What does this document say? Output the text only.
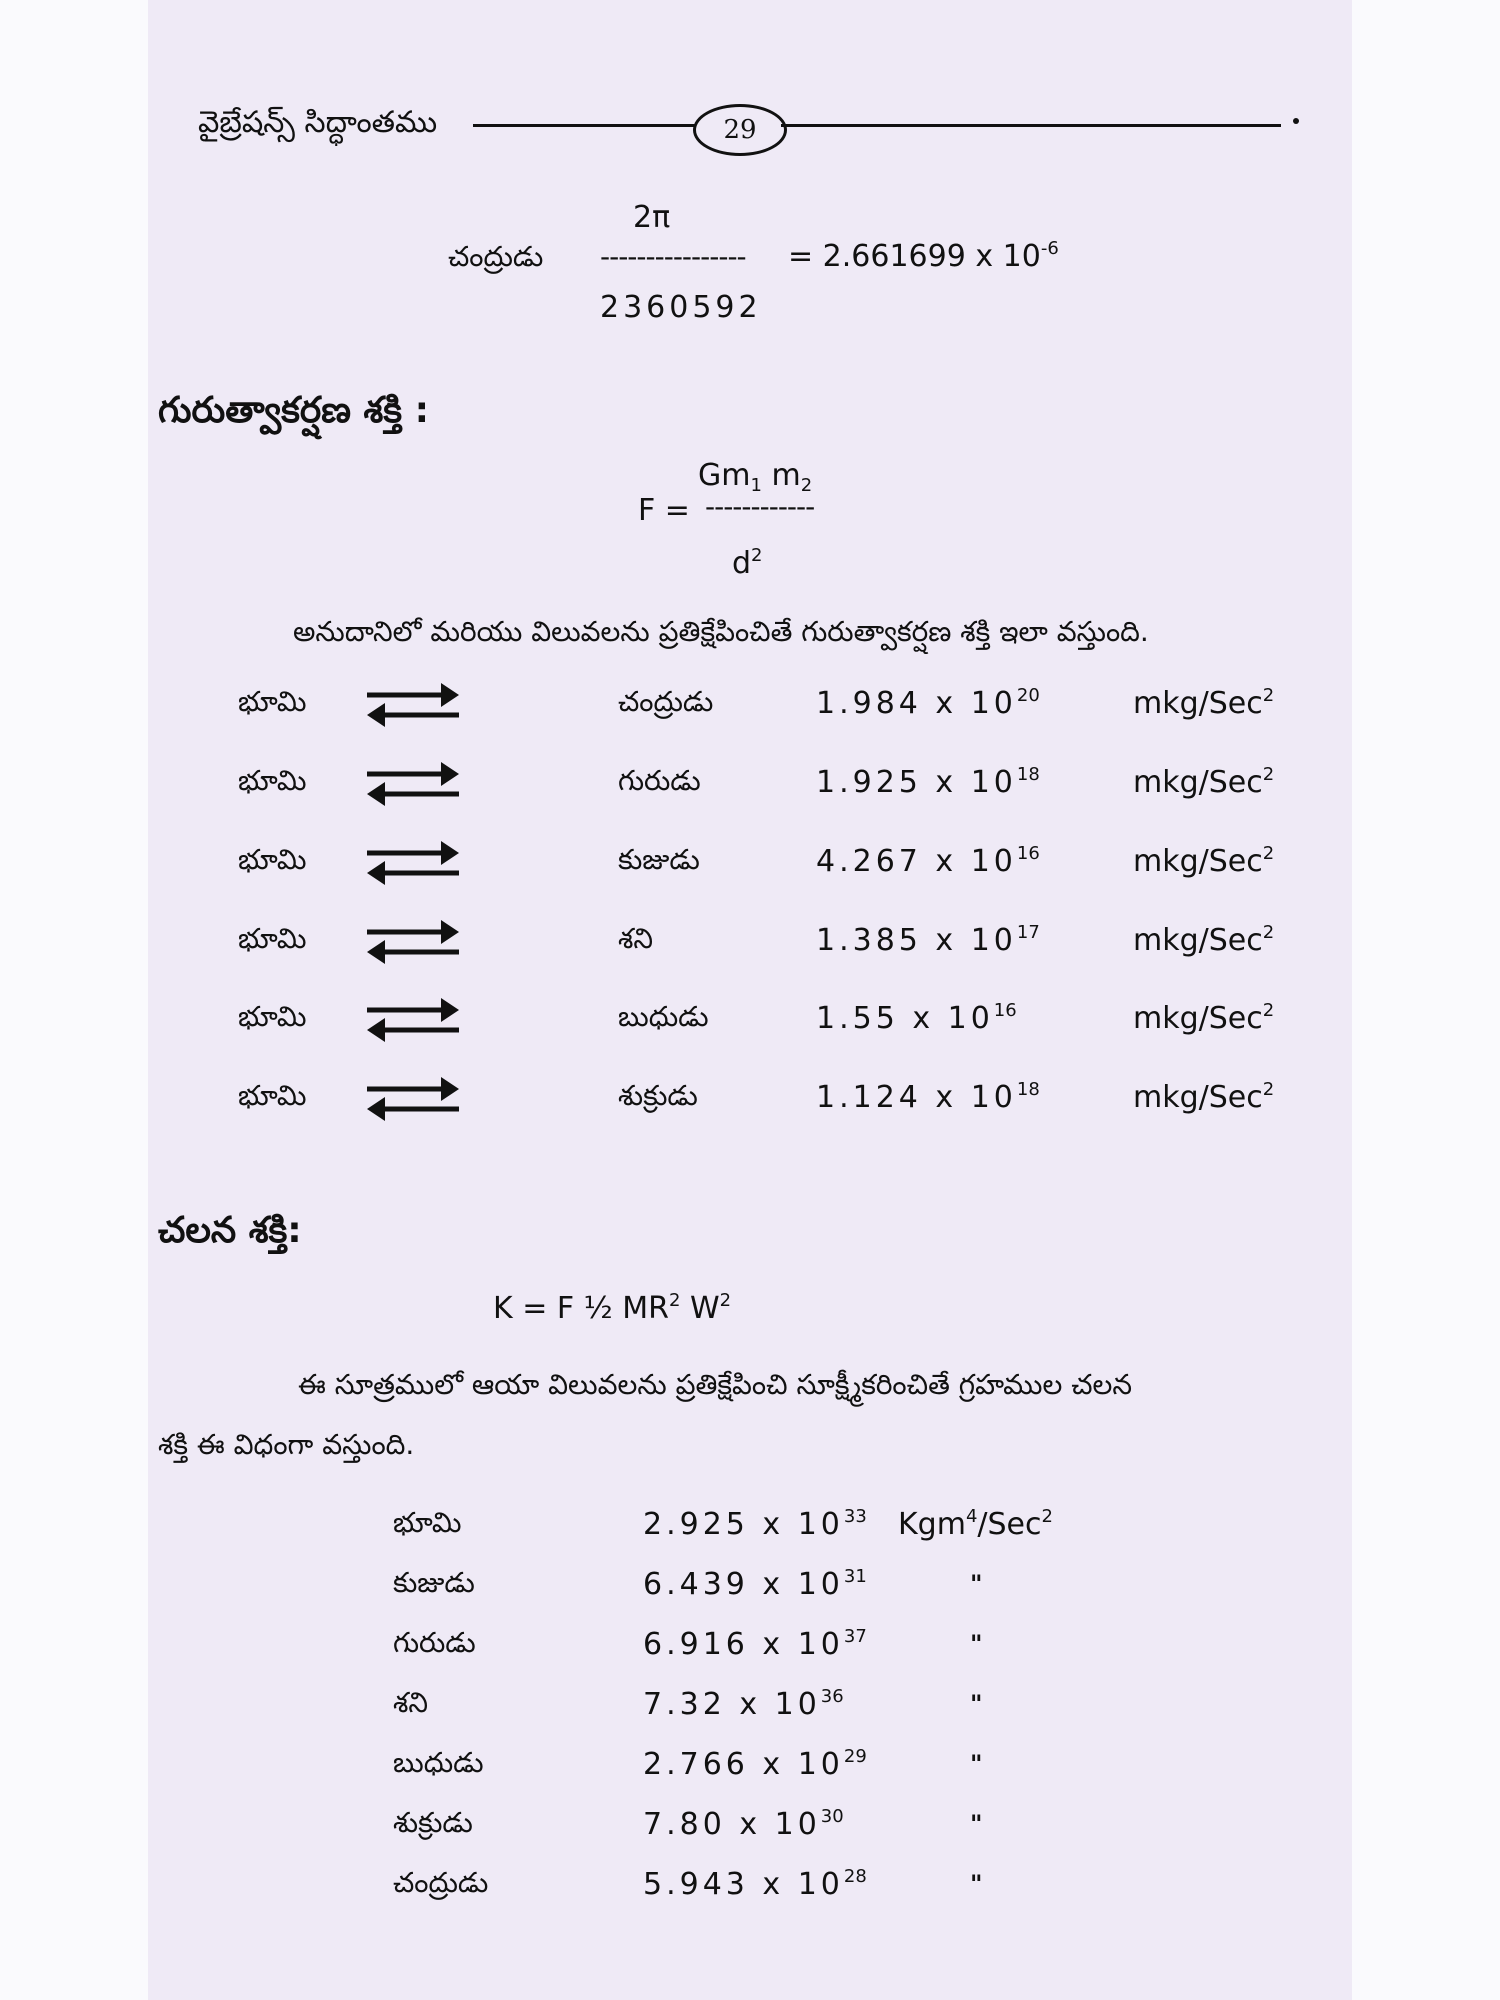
వైబ్రేషన్స్ సిద్ధాంతము	29
2π
చంద్రుడు ---------------- = 2.661699 x $10^{-6}$
2360592
గురుత్వాకర్షణ శక్తి :
$Gm_1$ $m_2$
F = ------------
$d^2$
అనుదానిలో మరియు విలువలను ప్రతిక్షేపించితే గురుత్వాకర్షణ శక్తి ఇలా వస్తుంది.
భూమి	చంద్రుడు	1.984 x $10^{20}$	mkg/Sec$^2$
భూమి	గురుడు	1.925 x $10^{18}$	mkg/Sec$^2$
భూమి	కుజుడు	4.267 x $10^{16}$	mkg/Sec$^2$
భూమి	శని	1.385 x $10^{17}$	mkg/Sec$^2$
భూమి	బుధుడు	1.55 x $10^{16}$	mkg/Sec$^2$
భూమి	శుక్రుడు	1.124 x $10^{18}$	mkg/Sec$^2$
చలన శక్తి:
K = F ½ $MR^2$ $W^2$
ఈ సూత్రములో ఆయా విలువలను ప్రతిక్షేపించి సూక్ష్మీకరించితే గ్రహముల చలన
శక్తి ఈ విధంగా వస్తుంది.
భూమి	2.925 x $10^{33}$ Kgm$^4$/Sec$^2$
కుజుడు	6.439 x $10^{31}$	"
గురుడు	6.916 x $10^{37}$	"
శని	7.32 x $10^{36}$	"
బుధుడు	2.766 x $10^{29}$	"
శుక్రుడు	7.80 x $10^{30}$	"
చంద్రుడు	5.943 x $10^{28}$	"
